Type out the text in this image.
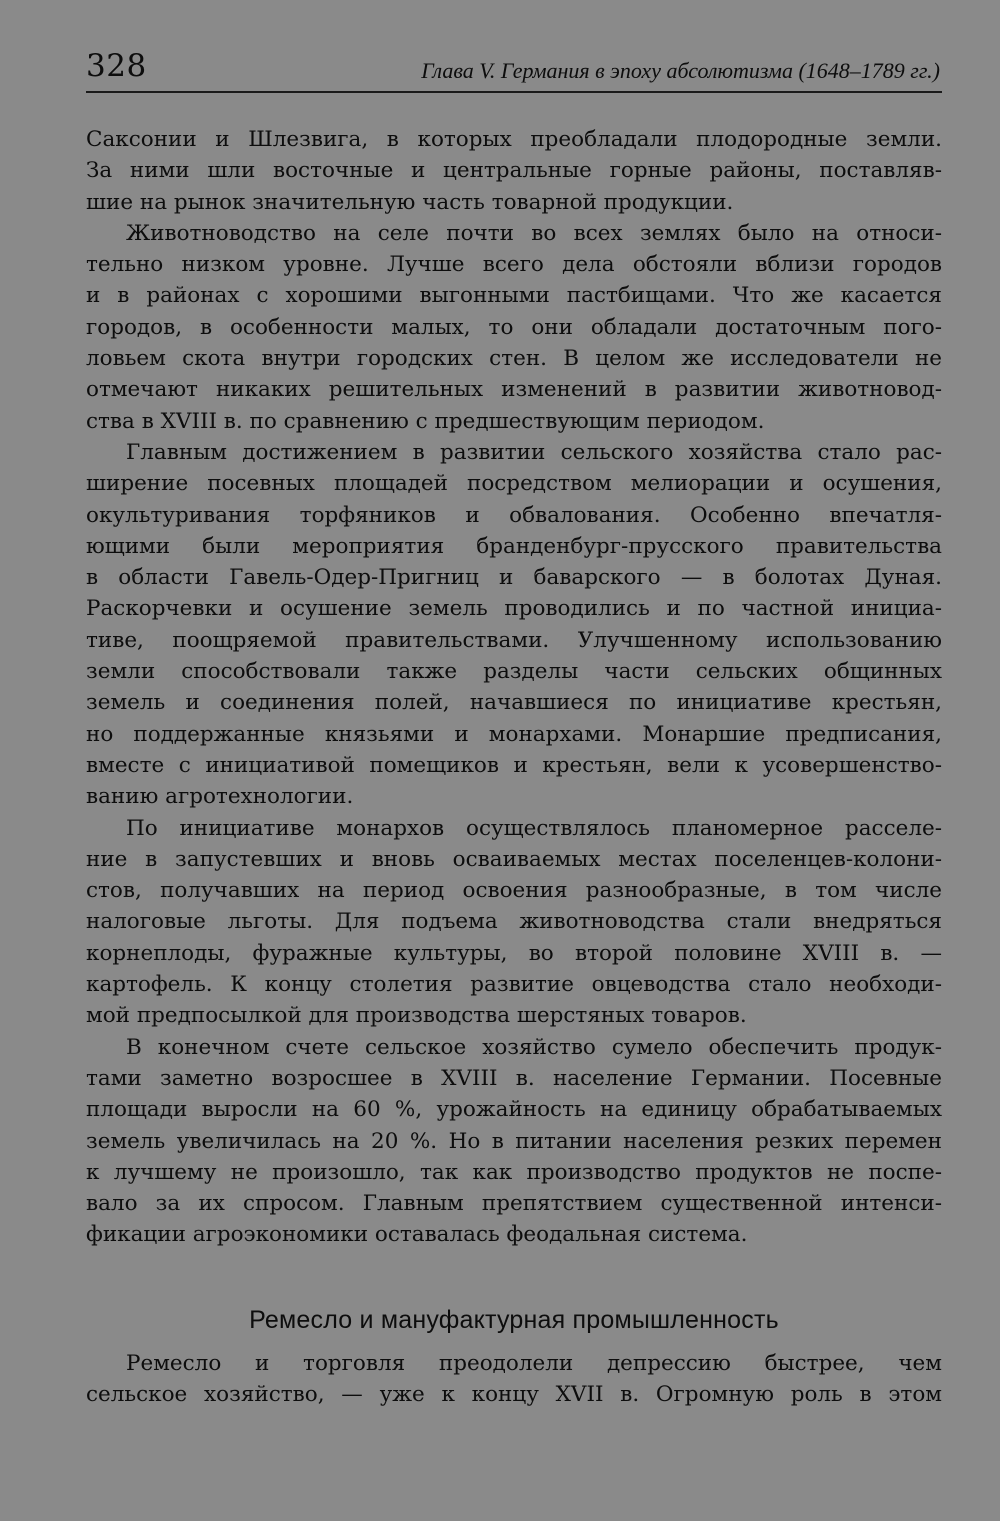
328	Глава V. Германия в эпоху абсолютизма (1648–1789 гг.)
Саксонии и Шлезвига, в которых преобладали плодородные земли.
За ними шли восточные и центральные горные районы, поставляв-
шие на рынок значительную часть товарной продукции.
Животноводство на селе почти во всех землях было на относи-
тельно низком уровне. Лучше всего дела обстояли вблизи городов
и в районах с хорошими выгонными пастбищами. Что же касается
городов, в особенности малых, то они обладали достаточным пого-
ловьем скота внутри городских стен. В целом же исследователи не
отмечают никаких решительных изменений в развитии животновод-
ства в XVIII в. по сравнению с предшествующим периодом.
Главным достижением в развитии сельского хозяйства стало рас-
ширение посевных площадей посредством мелиорации и осушения,
окультуривания торфяников и обвалования. Особенно впечатля-
ющими были мероприятия бранденбург-прусского правительства
в области Гавель-Одер-Пригниц и баварского — в болотах Дуная.
Раскорчевки и осушение земель проводились и по частной инициа-
тиве, поощряемой правительствами. Улучшенному использованию
земли способствовали также разделы части сельских общинных
земель и соединения полей, начавшиеся по инициативе крестьян,
но поддержанные князьями и монархами. Монаршие предписания,
вместе с инициативой помещиков и крестьян, вели к усовершенство-
ванию агротехнологии.
По инициативе монархов осуществлялось планомерное расселе-
ние в запустевших и вновь осваиваемых местах поселенцев-колони-
стов, получавших на период освоения разнообразные, в том числе
налоговые льготы. Для подъема животноводства стали внедряться
корнеплоды, фуражные культуры, во второй половине XVIII в. —
картофель. К концу столетия развитие овцеводства стало необходи-
мой предпосылкой для производства шерстяных товаров.
В конечном счете сельское хозяйство сумело обеспечить продук-
тами заметно возросшее в XVIII в. население Германии. Посевные
площади выросли на 60 %, урожайность на единицу обрабатываемых
земель увеличилась на 20 %. Но в питании населения резких перемен
к лучшему не произошло, так как производство продуктов не поспе-
вало за их спросом. Главным препятствием существенной интенси-
фикации агроэкономики оставалась феодальная система.
Ремесло и мануфактурная промышленность
Ремесло и торговля преодолели депрессию быстрее, чем
сельское хозяйство, — уже к концу XVII в. Огромную роль в этом
